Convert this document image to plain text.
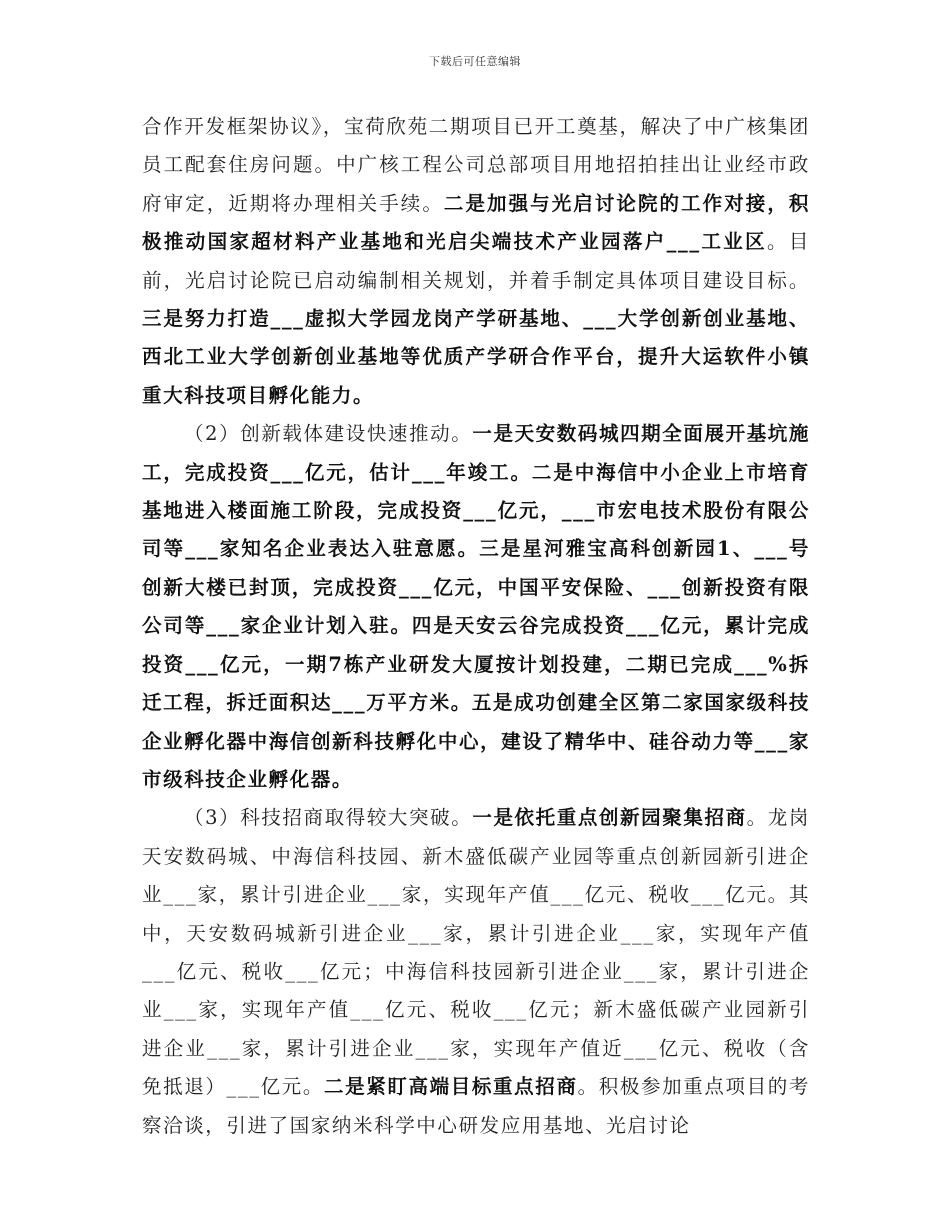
下载后可任意编辑

合作开发框架协议》，宝荷欣苑二期项目已开工奠基，解决了中广核集团员工配套住房问题。中广核工程公司总部项目用地招拍挂出让业经市政府审定，近期将办理相关手续。二是加强与光启讨论院的工作对接，积极推动国家超材料产业基地和光启尖端技术产业园落户___工业区。目前，光启讨论院已启动编制相关规划，并着手制定具体项目建设目标。三是努力打造___虚拟大学园龙岗产学研基地、___大学创新创业基地、西北工业大学创新创业基地等优质产学研合作平台，提升大运软件小镇重大科技项目孵化能力。

（2）创新载体建设快速推动。一是天安数码城四期全面展开基坑施工，完成投资___亿元，估计___年竣工。二是中海信中小企业上市培育基地进入楼面施工阶段，完成投资___亿元，___市宏电技术股份有限公司等___家知名企业表达入驻意愿。三是星河雅宝高科创新园1、___号创新大楼已封顶，完成投资___亿元，中国平安保险、___创新投资有限公司等___家企业计划入驻。四是天安云谷完成投资___亿元，累计完成投资___亿元，一期7栋产业研发大厦按计划投建，二期已完成___%拆迁工程，拆迁面积达___万平方米。五是成功创建全区第二家国家级科技企业孵化器中海信创新科技孵化中心，建设了精华中、硅谷动力等___家市级科技企业孵化器。

（3）科技招商取得较大突破。一是依托重点创新园聚集招商。龙岗天安数码城、中海信科技园、新木盛低碳产业园等重点创新园新引进企业___家，累计引进企业___家，实现年产值___亿元、税收___亿元。其中，天安数码城新引进企业___家，累计引进企业___家，实现年产值___亿元、税收___亿元；中海信科技园新引进企业___家，累计引进企业___家，实现年产值___亿元、税收___亿元；新木盛低碳产业园新引进企业___家，累计引进企业___家，实现年产值近___亿元、税收（含免抵退）___亿元。二是紧盯高端目标重点招商。积极参加重点项目的考察洽谈，引进了国家纳米科学中心研发应用基地、光启讨论
